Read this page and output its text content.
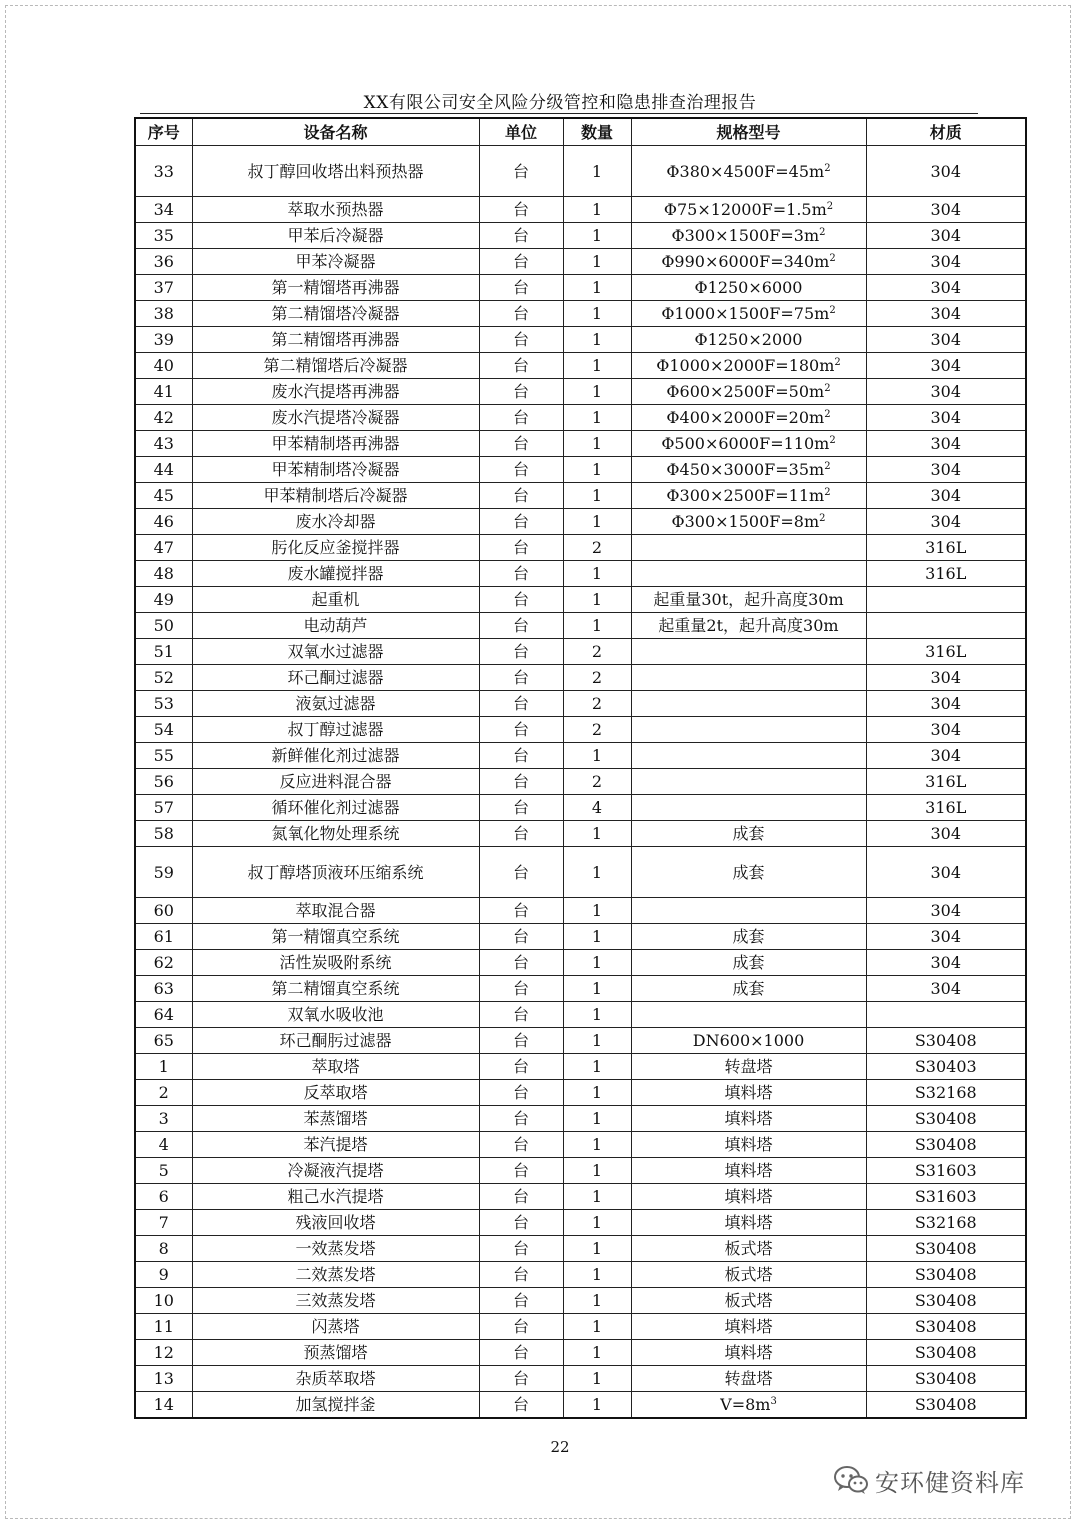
XX有限公司安全风险分级管控和隐患排查治理报告
序号	设备名称	单位	数量	规格型号	材质
33	叔丁醇回收塔出料预热器	台	1	$\Phi 380\times 4500F=45m^2$	304
34	萃取水预热器	台	1	$\Phi 75\times 12000F=1.5m^2$	304
35	甲苯后冷凝器	台	1	$\Phi 300\times 1500F=3m^2$	304
36	甲苯冷凝器	台	1	$\Phi 990\times 6000F=340m^2$	304
37	第一精馏塔再沸器	台	1	Φ1250×6000	304
38	第二精馏塔冷凝器	台	1	$\Phi 1000\times 1500F=75m^2$	304
39	第二精馏塔再沸器	台	1	Φ1250×2000	304
40	第二精馏塔后冷凝器	台	1	$\Phi 1000\times 2000F=180m^2$	304
41	废水汽提塔再沸器	台	1	$\Phi 600\times 2500F=50m^2$	304
42	废水汽提塔冷凝器	台	1	$\Phi 400\times 2000F=20m^2$	304
43	甲苯精制塔再沸器	台	1	$\Phi 500\times 6000F=110m^2$	304
44	甲苯精制塔冷凝器	台	1	$\Phi 450\times 3000F=35m^2$	304
45	甲苯精制塔后冷凝器	台	1	$\Phi 300\times 2500F=11m^2$	304
46	废水冷却器	台	1	$\Phi 300\times 1500F=8m^2$	304
47	肟化反应釜搅拌器	台	2		316L
48	废水罐搅拌器	台	1		316L
49	起重机	台	1	起重量30t，起升高度30m	
50	电动葫芦	台	1	起重量2t，起升高度30m	
51	双氧水过滤器	台	2		316L
52	环己酮过滤器	台	2		304
53	液氨过滤器	台	2		304
54	叔丁醇过滤器	台	2		304
55	新鲜催化剂过滤器	台	1		304
56	反应进料混合器	台	2		316L
57	循环催化剂过滤器	台	4		316L
58	氮氧化物处理系统	台	1	成套	304
59	叔丁醇塔顶液环压缩系统	台	1	成套	304
60	萃取混合器	台	1		304
61	第一精馏真空系统	台	1	成套	304
62	活性炭吸附系统	台	1	成套	304
63	第二精馏真空系统	台	1	成套	304
64	双氧水吸收池	台	1		
65	环己酮肟过滤器	台	1	DN600×1000	S30408
1	萃取塔	台	1	转盘塔	S30403
2	反萃取塔	台	1	填料塔	S32168
3	苯蒸馏塔	台	1	填料塔	S30408
4	苯汽提塔	台	1	填料塔	S30408
5	冷凝液汽提塔	台	1	填料塔	S31603
6	粗己水汽提塔	台	1	填料塔	S31603
7	残液回收塔	台	1	填料塔	S32168
8	一效蒸发塔	台	1	板式塔	S30408
9	二效蒸发塔	台	1	板式塔	S30408
10	三效蒸发塔	台	1	板式塔	S30408
11	闪蒸塔	台	1	填料塔	S30408
12	预蒸馏塔	台	1	填料塔	S30408
13	杂质萃取塔	台	1	转盘塔	S30408
14	加氢搅拌釜	台	1	$V=8m^3$	S30408
22
安环健资料库
